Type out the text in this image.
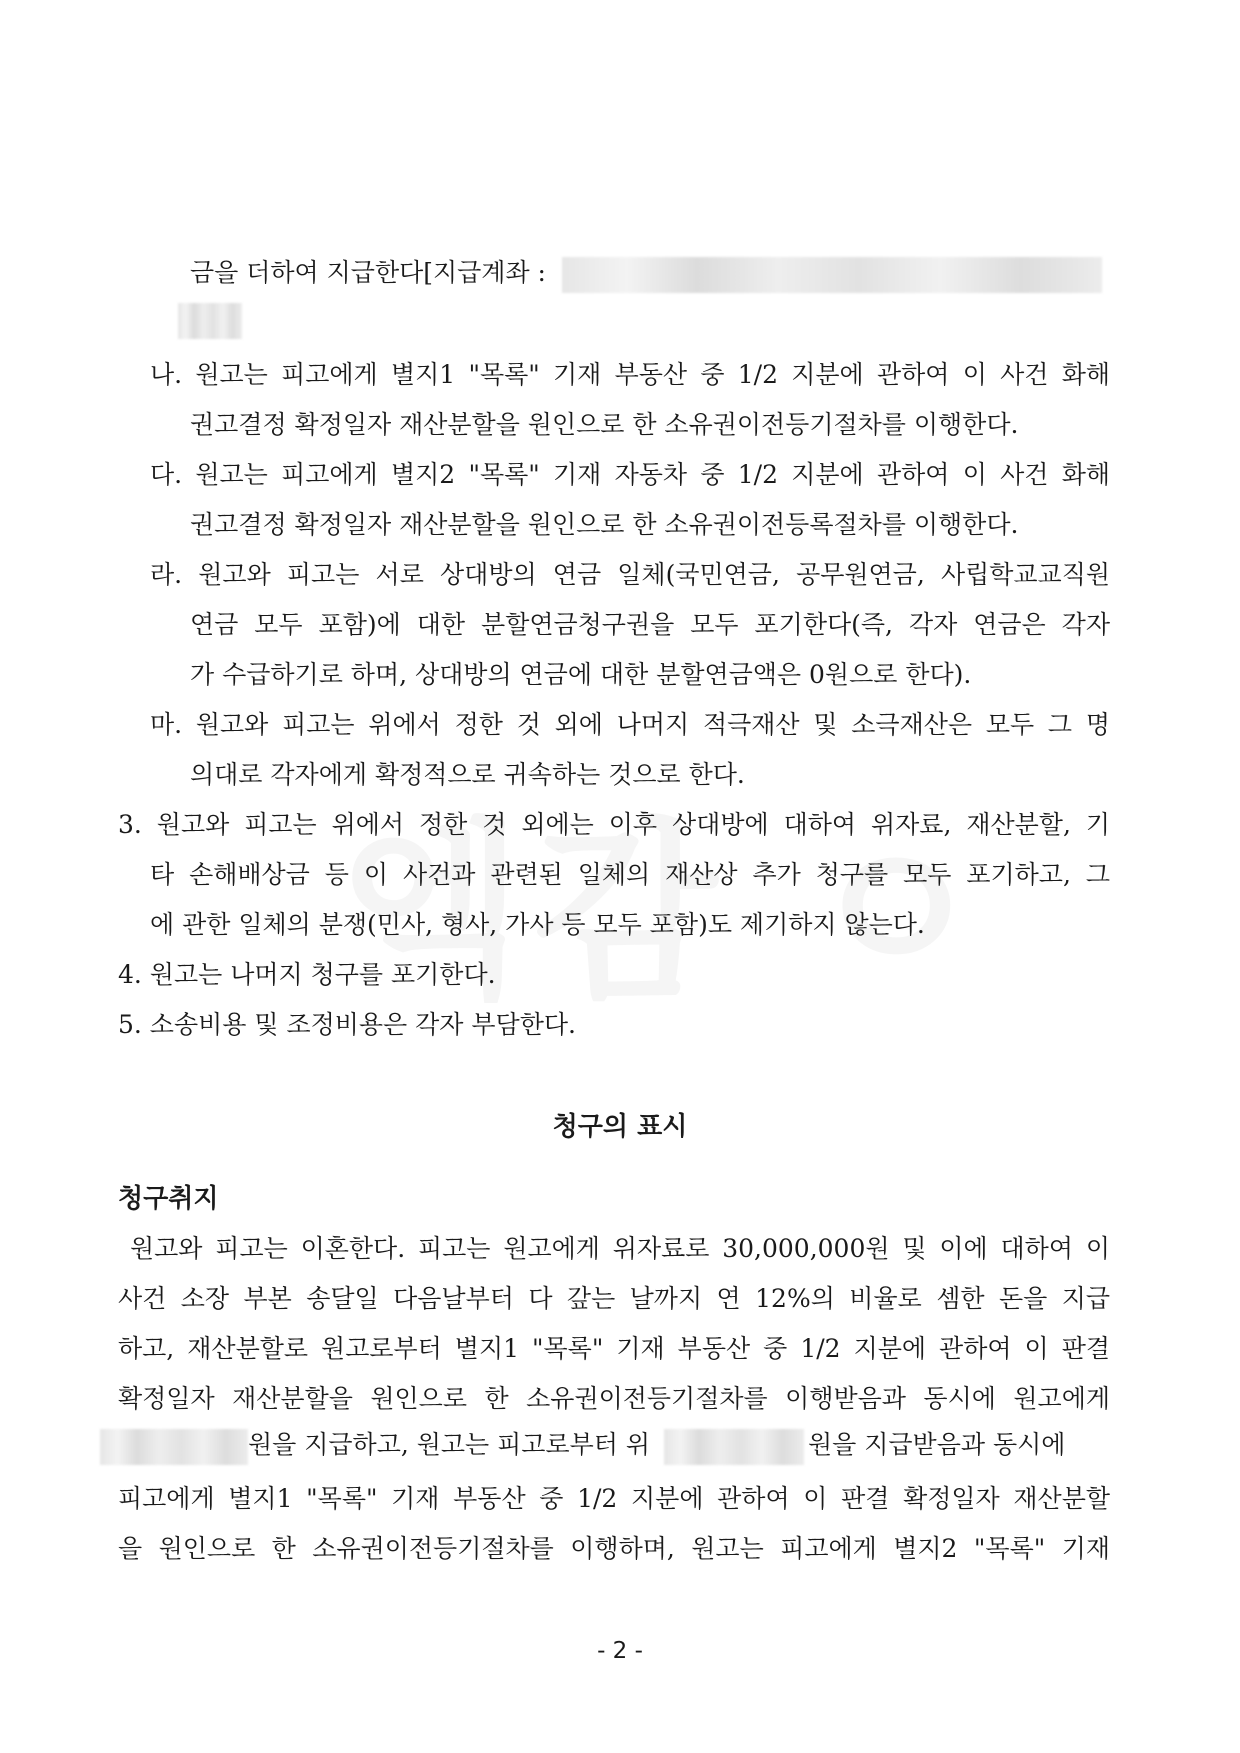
금을 더하여 지급한다[지급계좌 :
나. 원고는 피고에게 별지1 "목록" 기재 부동산 중 1/2 지분에 관하여 이 사건 화해
권고결정 확정일자 재산분할을 원인으로 한 소유권이전등기절차를 이행한다.
다. 원고는 피고에게 별지2 "목록" 기재 자동차 중 1/2 지분에 관하여 이 사건 화해
권고결정 확정일자 재산분할을 원인으로 한 소유권이전등록절차를 이행한다.
라. 원고와 피고는 서로 상대방의 연금 일체(국민연금, 공무원연금, 사립학교교직원
연금 모두 포함)에 대한 분할연금청구권을 모두 포기한다(즉, 각자 연금은 각자
가 수급하기로 하며, 상대방의 연금에 대한 분할연금액은 0원으로 한다).
마. 원고와 피고는 위에서 정한 것 외에 나머지 적극재산 및 소극재산은 모두 그 명
의대로 각자에게 확정적으로 귀속하는 것으로 한다.
3. 원고와 피고는 위에서 정한 것 외에는 이후 상대방에 대하여 위자료, 재산분할, 기
타 손해배상금 등 이 사건과 관련된 일체의 재산상 추가 청구를 모두 포기하고, 그
에 관한 일체의 분쟁(민사, 형사, 가사 등 모두 포함)도 제기하지 않는다.
4. 원고는 나머지 청구를 포기한다.
5. 소송비용 및 조정비용은 각자 부담한다.
청구의 표시
청구취지
원고와 피고는 이혼한다. 피고는 원고에게 위자료로 30,000,000원 및 이에 대하여 이
사건 소장 부본 송달일 다음날부터 다 갚는 날까지 연 12%의 비율로 셈한 돈을 지급
하고, 재산분할로 원고로부터 별지1 "목록" 기재 부동산 중 1/2 지분에 관하여 이 판결
확정일자 재산분할을 원인으로 한 소유권이전등기절차를 이행받음과 동시에 원고에게
원을 지급하고, 원고는 피고로부터 위	원을 지급받음과 동시에
피고에게 별지1 "목록" 기재 부동산 중 1/2 지분에 관하여 이 판결 확정일자 재산분할
을 원인으로 한 소유권이전등기절차를 이행하며, 원고는 피고에게 별지2 "목록" 기재
- 2 -
